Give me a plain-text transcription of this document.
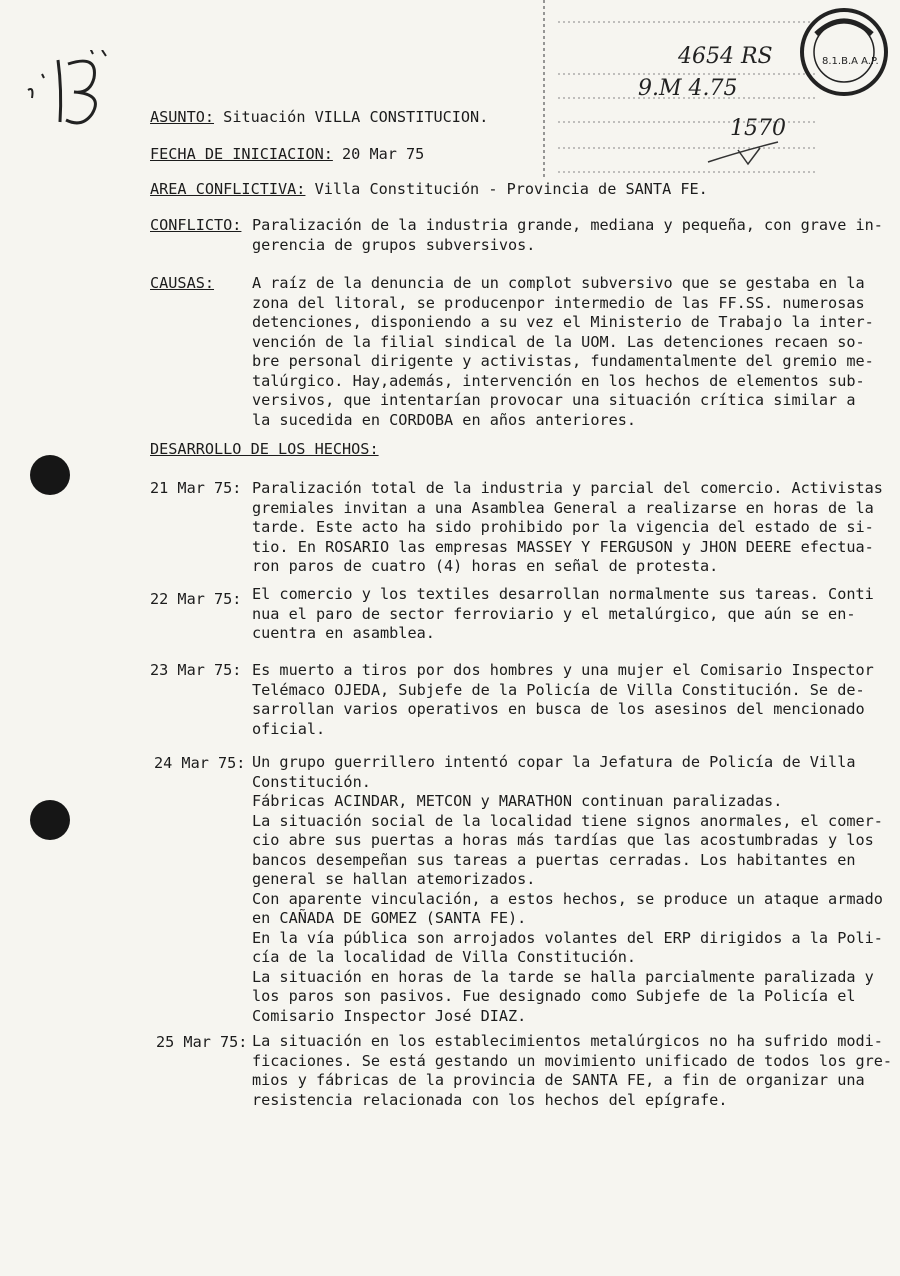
4654 RS
9.M 4.75
1570
8.1.B.A A.P.
ASUNTO: Situación VILLA CONSTITUCION.
FECHA DE INICIACION: 20 Mar 75
AREA CONFLICTIVA: Villa Constitución - Provincia de SANTA FE.
CONFLICTO: Paralización de la industria grande, mediana y pequeña, con grave in-
gerencia de grupos subversivos.
CAUSAS: A raíz de la denuncia de un complot subversivo que se gestaba en la
zona del litoral, se producenpor intermedio de las FF.SS. numerosas
detenciones, disponiendo a su vez el Ministerio de Trabajo la inter-
vención de la filial sindical de la UOM. Las detenciones recaen so-
bre personal dirigente y activistas, fundamentalmente del gremio me-
talúrgico. Hay,además, intervención en los hechos de elementos sub-
versivos, que intentarían provocar una situación crítica similar a
la sucedida en CORDOBA en años anteriores.
DESARROLLO DE LOS HECHOS:
21 Mar 75: Paralización total de la industria y parcial del comercio. Activistas
gremiales invitan a una Asamblea General a realizarse en horas de la
tarde. Este acto ha sido prohibido por la vigencia del estado de si-
tio. En ROSARIO las empresas MASSEY Y FERGUSON y JHON DEERE efectua-
ron paros de cuatro (4) horas en señal de protesta.
22 Mar 75: El comercio y los textiles desarrollan normalmente sus tareas. Conti
nua el paro de sector ferroviario y el metalúrgico, que aún se en-
cuentra en asamblea.
23 Mar 75: Es muerto a tiros por dos hombres y una mujer el Comisario Inspector
Telémaco OJEDA, Subjefe de la Policía de Villa Constitución. Se de-
sarrollan varios operativos en busca de los asesinos del mencionado
oficial.
24 Mar 75: Un grupo guerrillero intentó copar la Jefatura de Policía de Villa
Constitución.
Fábricas ACINDAR, METCON y MARATHON continuan paralizadas.
La situación social de la localidad tiene signos anormales, el comer-
cio abre sus puertas a horas más tardías que las acostumbradas y los
bancos desempeñan sus tareas a puertas cerradas. Los habitantes en
general se hallan atemorizados.
Con aparente vinculación, a estos hechos, se produce un ataque armado
en CAÑADA DE GOMEZ (SANTA FE).
En la vía pública son arrojados volantes del ERP dirigidos a la Poli-
cía de la localidad de Villa Constitución.
La situación en horas de la tarde se halla parcialmente paralizada y
los paros son pasivos. Fue designado como Subjefe de la Policía el
Comisario Inspector José DIAZ.
25 Mar 75: La situación en los establecimientos metalúrgicos no ha sufrido modi-
ficaciones. Se está gestando un movimiento unificado de todos los gre-
mios y fábricas de la provincia de SANTA FE, a fin de organizar una
resistencia relacionada con los hechos del epígrafe.
